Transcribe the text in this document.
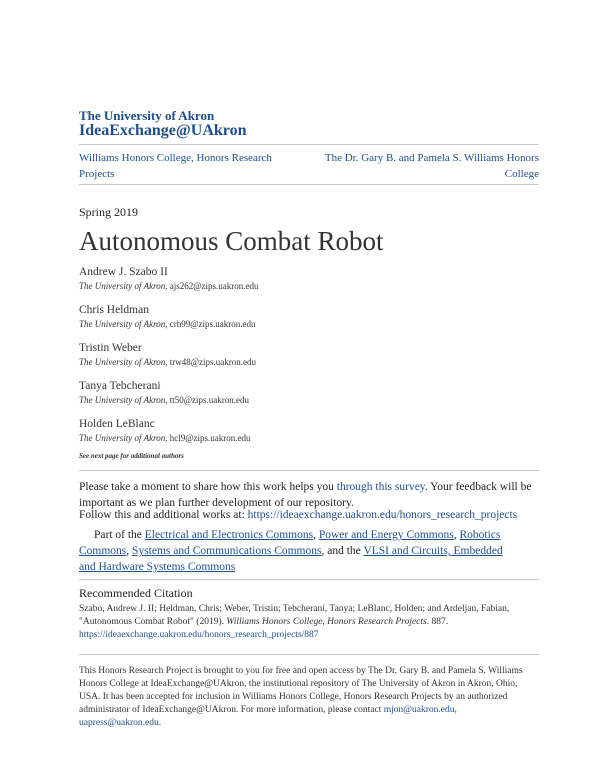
The University of Akron
IdeaExchange@UAkron
Williams Honors College, Honors Research Projects
The Dr. Gary B. and Pamela S. Williams Honors College
Spring 2019
Autonomous Combat Robot
Andrew J. Szabo II
The University of Akron, ajs262@zips.uakron.edu
Chris Heldman
The University of Akron, crh99@zips.uakron.edu
Tristin Weber
The University of Akron, trw48@zips.uakron.edu
Tanya Tebcherani
The University of Akron, tt50@zips.uakron.edu
Holden LeBlanc
The University of Akron, hcl9@zips.uakron.edu
See next page for additional authors
Please take a moment to share how this work helps you through this survey. Your feedback will be important as we plan further development of our repository.
Follow this and additional works at: https://ideaexchange.uakron.edu/honors_research_projects
Part of the Electrical and Electronics Commons, Power and Energy Commons, Robotics Commons, Systems and Communications Commons, and the VLSI and Circuits, Embedded and Hardware Systems Commons
Recommended Citation
Szabo, Andrew J. II; Heldman, Chris; Weber, Tristin; Tebcherani, Tanya; LeBlanc, Holden; and Ardeljan, Fabian, "Autonomous Combat Robot" (2019). Williams Honors College, Honors Research Projects. 887.
https://ideaexchange.uakron.edu/honors_research_projects/887
This Honors Research Project is brought to you for free and open access by The Dr. Gary B. and Pamela S. Williams Honors College at IdeaExchange@UAkron, the institutional repository of The University of Akron in Akron, Ohio, USA. It has been accepted for inclusion in Williams Honors College, Honors Research Projects by an authorized administrator of IdeaExchange@UAkron. For more information, please contact mjon@uakron.edu, uapress@uakron.edu.
